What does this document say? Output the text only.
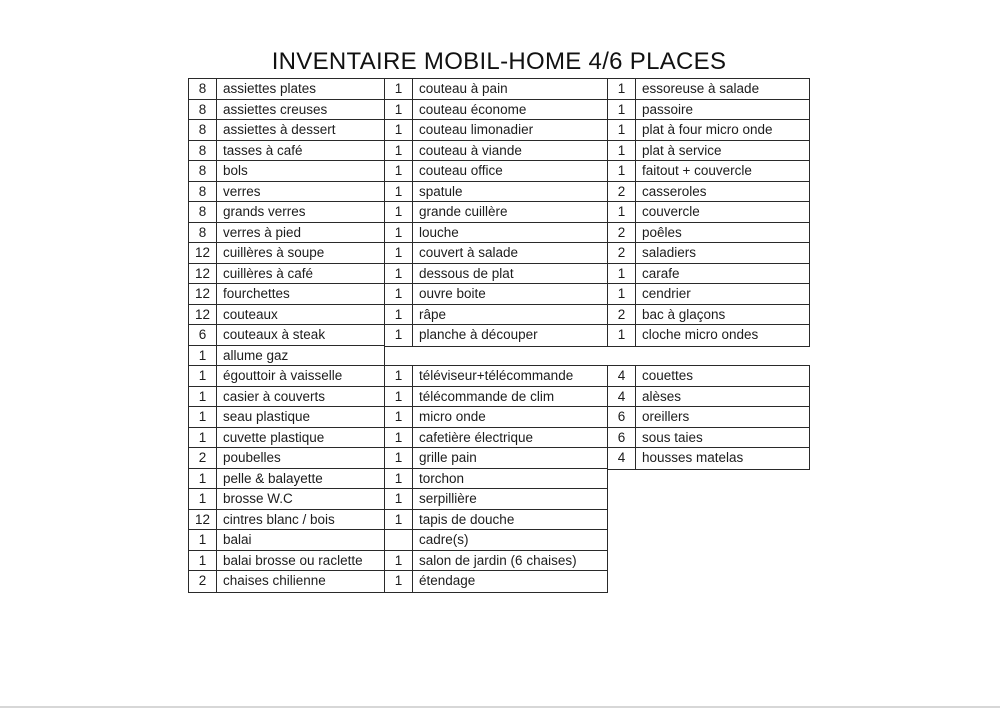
INVENTAIRE MOBIL-HOME 4/6 PLACES
8	assiettes plates
8	assiettes creuses
8	assiettes à dessert
8	tasses à café
8	bols
8	verres
8	grands verres
8	verres à pied
12 cuillères à soupe
12 cuillères à café
12 fourchettes
12 couteaux
6	couteaux à steak
1	allume gaz
1	égouttoir à vaisselle
1	casier à couverts
1	seau plastique
1	cuvette plastique
2	poubelles
1	pelle & balayette
1	brosse W.C
12 cintres blanc / bois
1	balai
1	balai brosse ou raclette
2	chaises chilienne
1	couteau à pain
1	couteau économe
1	couteau limonadier
1	couteau à viande
1	couteau office
1	spatule
1	grande cuillère
1	louche
1	couvert à salade
1	dessous de plat
1	ouvre boite
1	râpe
1	planche à découper
1	téléviseur+télécommande
1	télécommande de clim
1	micro onde
1	cafetière électrique
1	grille pain
1	torchon
1	serpillière
1	tapis de douche
cadre(s)
1	salon de jardin (6 chaises)
1	étendage
1	essoreuse à salade
1	passoire
1	plat à four micro onde
1	plat à service
1	faitout + couvercle
2	casseroles
1	couvercle
2	poêles
2	saladiers
1	carafe
1	cendrier
2	bac à glaçons
1	cloche micro ondes
4	couettes
4	alèses
6	oreillers
6	sous taies
4	housses matelas
